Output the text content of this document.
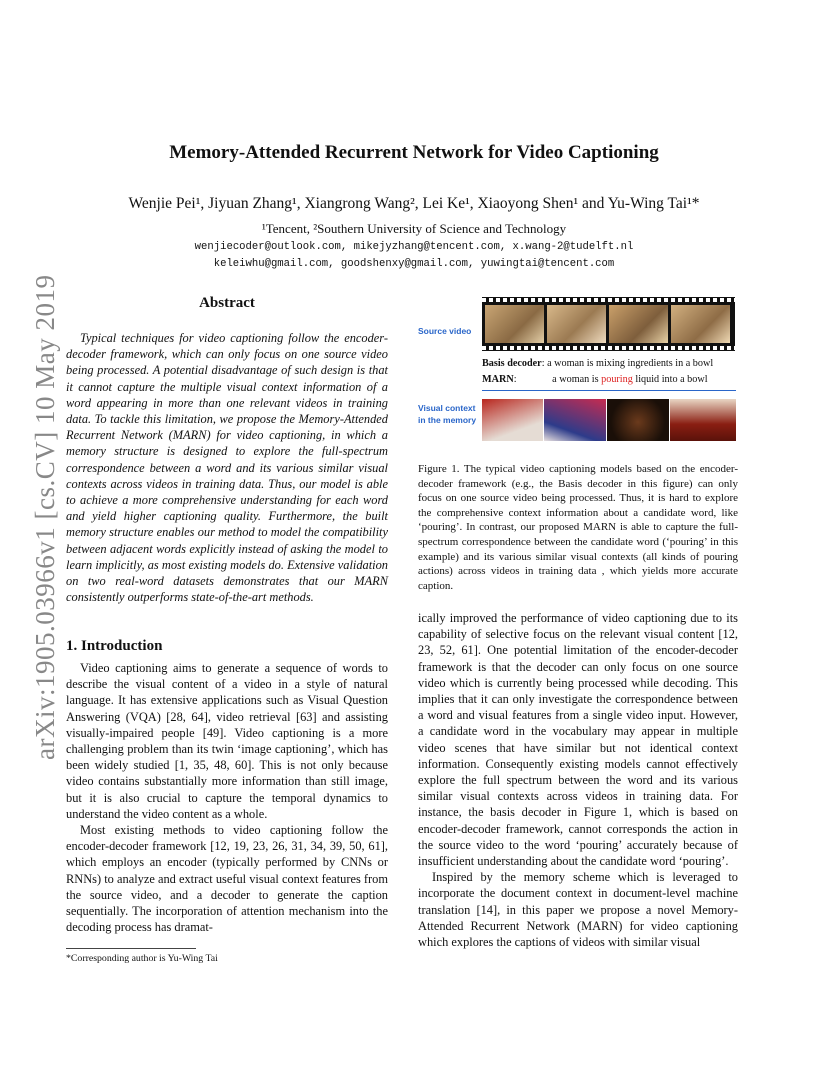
arXiv:1905.03966v1 [cs.CV] 10 May 2019
Memory-Attended Recurrent Network for Video Captioning
Wenjie Pei¹, Jiyuan Zhang¹, Xiangrong Wang², Lei Ke¹, Xiaoyong Shen¹ and Yu-Wing Tai¹*
¹Tencent, ²Southern University of Science and Technology
wenjiecoder@outlook.com, mikejyzhang@tencent.com, x.wang-2@tudelft.nl
keleiwhu@gmail.com, goodshenxy@gmail.com, yuwingtai@tencent.com
Abstract

Typical techniques for video captioning follow the encoder-decoder framework, which can only focus on one source video being processed. A potential disadvantage of such design is that it cannot capture the multiple visual context information of a word appearing in more than one relevant videos in training data. To tackle this limitation, we propose the Memory-Attended Recurrent Network (MARN) for video captioning, in which a memory structure is designed to explore the full-spectrum correspondence between a word and its various similar visual contexts across videos in training data. Thus, our model is able to achieve a more comprehensive understanding for each word and yield higher captioning quality. Furthermore, the built memory structure enables our method to model the compatibility between adjacent words explicitly instead of asking the model to learn implicitly, as most existing models do. Extensive validation on two real-word datasets demonstrates that our MARN consistently outperforms state-of-the-art methods.

1. Introduction

Video captioning aims to generate a sequence of words to describe the visual content of a video in a style of natural language. It has extensive applications such as Visual Question Answering (VQA) [28, 64], video retrieval [63] and assisting visually-impaired people [49]. Video captioning is a more challenging problem than its twin ‘image captioning’, which has been widely studied [1, 35, 48, 60]. This is not only because video contains substantially more information than still image, but it is also crucial to capture the temporal dynamics to understand the video content as a whole.

Most existing methods to video captioning follow the encoder-decoder framework [12, 19, 23, 26, 31, 34, 39, 50, 61], which employs an encoder (typically performed by CNNs or RNNs) to analyze and extract useful visual context features from the source video, and a decoder to generate the caption sequentially. The incorporation of attention mechanism into the decoding process has dramat-

*Corresponding author is Yu-Wing Tai
Source video
Basis decoder: a woman is mixing ingredients in a bowl
MARN:              a woman is pouring liquid into a bowl
Visual context
in the memory
Figure 1. The typical video captioning models based on the encoder-decoder framework (e.g., the Basis decoder in this figure) can only focus on one source video being processed. Thus, it is hard to explore the comprehensive context information about a candidate word, like ‘pouring’. In contrast, our proposed MARN is able to capture the full-spectrum correspondence between the candidate word (‘pouring’ in this example) and its various similar visual contexts (all kinds of pouring actions) across videos in training data , which yields more accurate caption.

ically improved the performance of video captioning due to its capability of selective focus on the relevant visual content [12, 23, 52, 61]. One potential limitation of the encoder-decoder framework is that the decoder can only focus on one source video which is currently being processed while decoding. This implies that it can only investigate the correspondence between a word and visual features from a single video input. However, a candidate word in the vocabulary may appear in multiple video scenes that have similar but not identical context information. Consequently existing models cannot effectively explore the full spectrum between the word and its various similar visual contexts across videos in training data. For instance, the basis decoder in Figure 1, which is based on encoder-decoder framework, cannot corresponds the action in the source video to the word ‘pouring’ accurately because of insufficient understanding about the candidate word ‘pouring’.

Inspired by the memory scheme which is leveraged to incorporate the document context in document-level machine translation [14], in this paper we propose a novel Memory-Attended Recurrent Network (MARN) for video captioning which explores the captions of videos with similar visual
